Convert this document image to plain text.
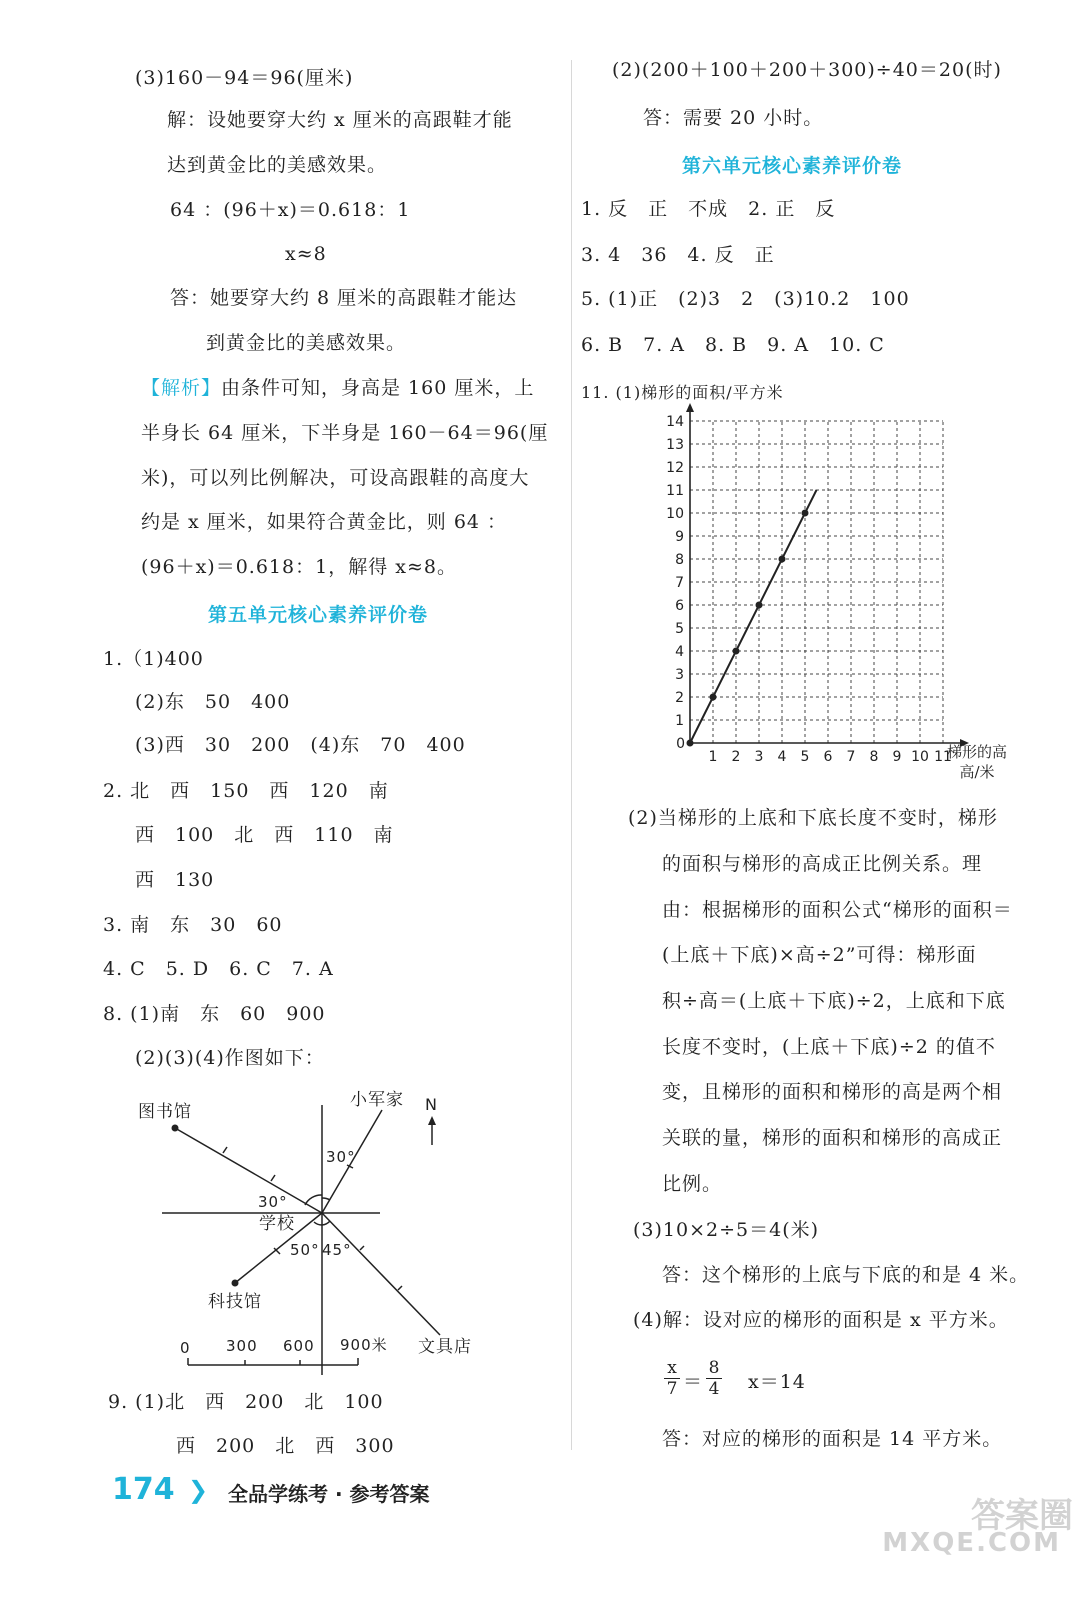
(3)160－94＝96(厘米)
解：设她要穿大约 x 厘米的高跟鞋才能
达到黄金比的美感效果。
64 ：(96＋x)＝0.618：1
x≈8
答：她要穿大约 8 厘米的高跟鞋才能达
到黄金比的美感效果。
【解析】由条件可知，身高是 160 厘米，上
半身长 64 厘米，下半身是 160－64＝96(厘
米)，可以列比例解决，可设高跟鞋的高度大
约是 x 厘米，如果符合黄金比，则 64 ：
(96＋x)＝0.618：1，解得 x≈8。
第五单元核心素养评价卷
1.（1)400
(2)东　50　400
(3)西　30　200　(4)东　70　400
2. 北　西　150　西　120　南
西　100　北　西　110　南
西　130
3. 南　东　30　60
4. C　5. D　6. C　7. A
8. (1)南　东　60　900
(2)(3)(4)作图如下：
图书馆
小军家 N
30°
30°
学校
50° 45°
科技馆
文具店
0 300 600 900米
9. (1)北　西　200　北　100
西　200　北　西　300
(2)(200＋100＋200＋300)÷40＝20(时)
答：需要 20 小时。
第六单元核心素养评价卷
1. 反　正　不成　2. 正　反
3. 4　36　4. 反　正
5. (1)正　(2)3　2　(3)10.2　100
6. B　7. A　8. B　9. A　10. C
11. (1)梯形的面积/平方米
0
1 2 3 4 5 6 7 8 9 10 11
1
2
3
4
5
6
7
8
9
10
11
12
13
14
梯形的高
高/米
(2)当梯形的上底和下底长度不变时，梯形
的面积与梯形的高成正比例关系。理
由：根据梯形的面积公式“梯形的面积＝
(上底＋下底)×高÷2”可得：梯形面
积÷高＝(上底＋下底)÷2，上底和下底
长度不变时，(上底＋下底)÷2 的值不
变，且梯形的面积和梯形的高是两个相
关联的量，梯形的面积和梯形的高成正
比例。
(3)10×2÷5＝4(米)
答：这个梯形的上底与下底的和是 4 米。
(4)解：设对应的梯形的面积是 x 平方米。
$\frac{x}{7} = \frac{8}{4} x=14$
答：对应的梯形的面积是 14 平方米。
174 ❯ 全品学练考 · 参考答案
答案圈
MXQE.COM
